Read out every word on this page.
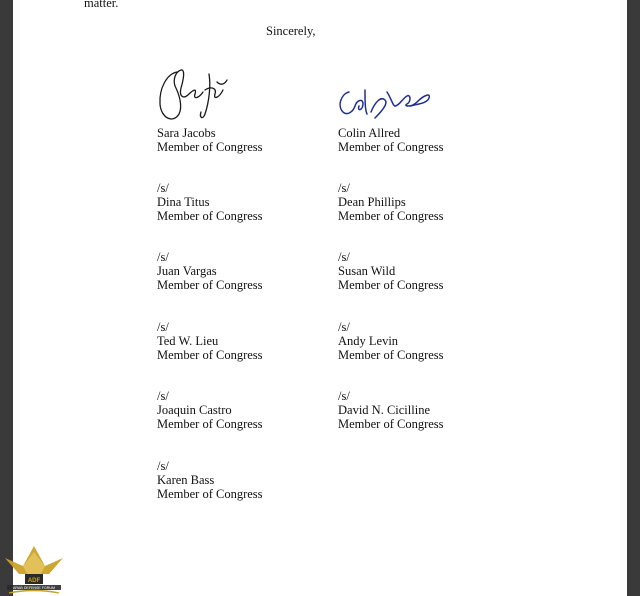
matter.
Sincerely,
Sara Jacobs
Member of Congress
/s/
Dina Titus
Member of Congress
/s/
Juan Vargas
Member of Congress
/s/
Ted W. Lieu
Member of Congress
/s/
Joaquin Castro
Member of Congress
/s/
Karen Bass
Member of Congress
Colin Allred
Member of Congress
/s/
Dean Phillips
Member of Congress
/s/
Susan Wild
Member of Congress
/s/
Andy Levin
Member of Congress
/s/
David N. Cicilline
Member of Congress
ADF
ARAB DEFENSE FORUM
